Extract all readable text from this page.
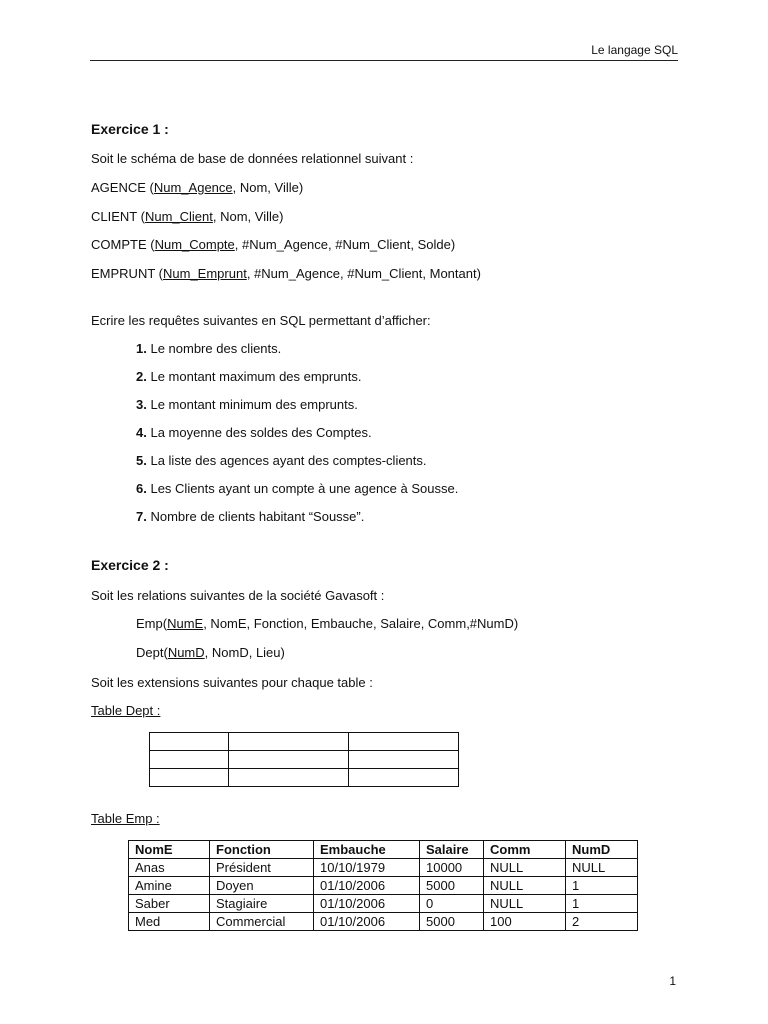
Le langage SQL
Exercice 1 :
Soit le schéma de base de données relationnel suivant :
AGENCE (Num_Agence, Nom, Ville)
CLIENT (Num_Client, Nom, Ville)
COMPTE (Num_Compte, #Num_Agence, #Num_Client, Solde)
EMPRUNT (Num_Emprunt, #Num_Agence, #Num_Client, Montant)
Ecrire les requêtes suivantes en SQL permettant d’afficher:
1. Le nombre des clients.
2. Le montant maximum des emprunts.
3. Le montant minimum des emprunts.
4. La moyenne des soldes des Comptes.
5. La liste des agences ayant des comptes-clients.
6. Les Clients ayant un compte à une agence à Sousse.
7. Nombre de clients habitant “Sousse”.
Exercice 2 :
Soit les relations suivantes de la société Gavasoft :
Emp(NumE, NomE, Fonction, Embauche, Salaire, Comm,#NumD)
Dept(NumD, NomD, Lieu)
Soit les extensions suivantes pour chaque table :
Table Dept :

Table Emp :
NomE	Fonction	Embauche	Salaire	Comm	NumD
Anas	Président	10/10/1979	10000	NULL	NULL
Amine	Doyen	01/10/2006	5000	NULL	1
Saber	Stagiaire	01/10/2006	0	NULL	1
Med	Commercial	01/10/2006	5000	100	2
1
